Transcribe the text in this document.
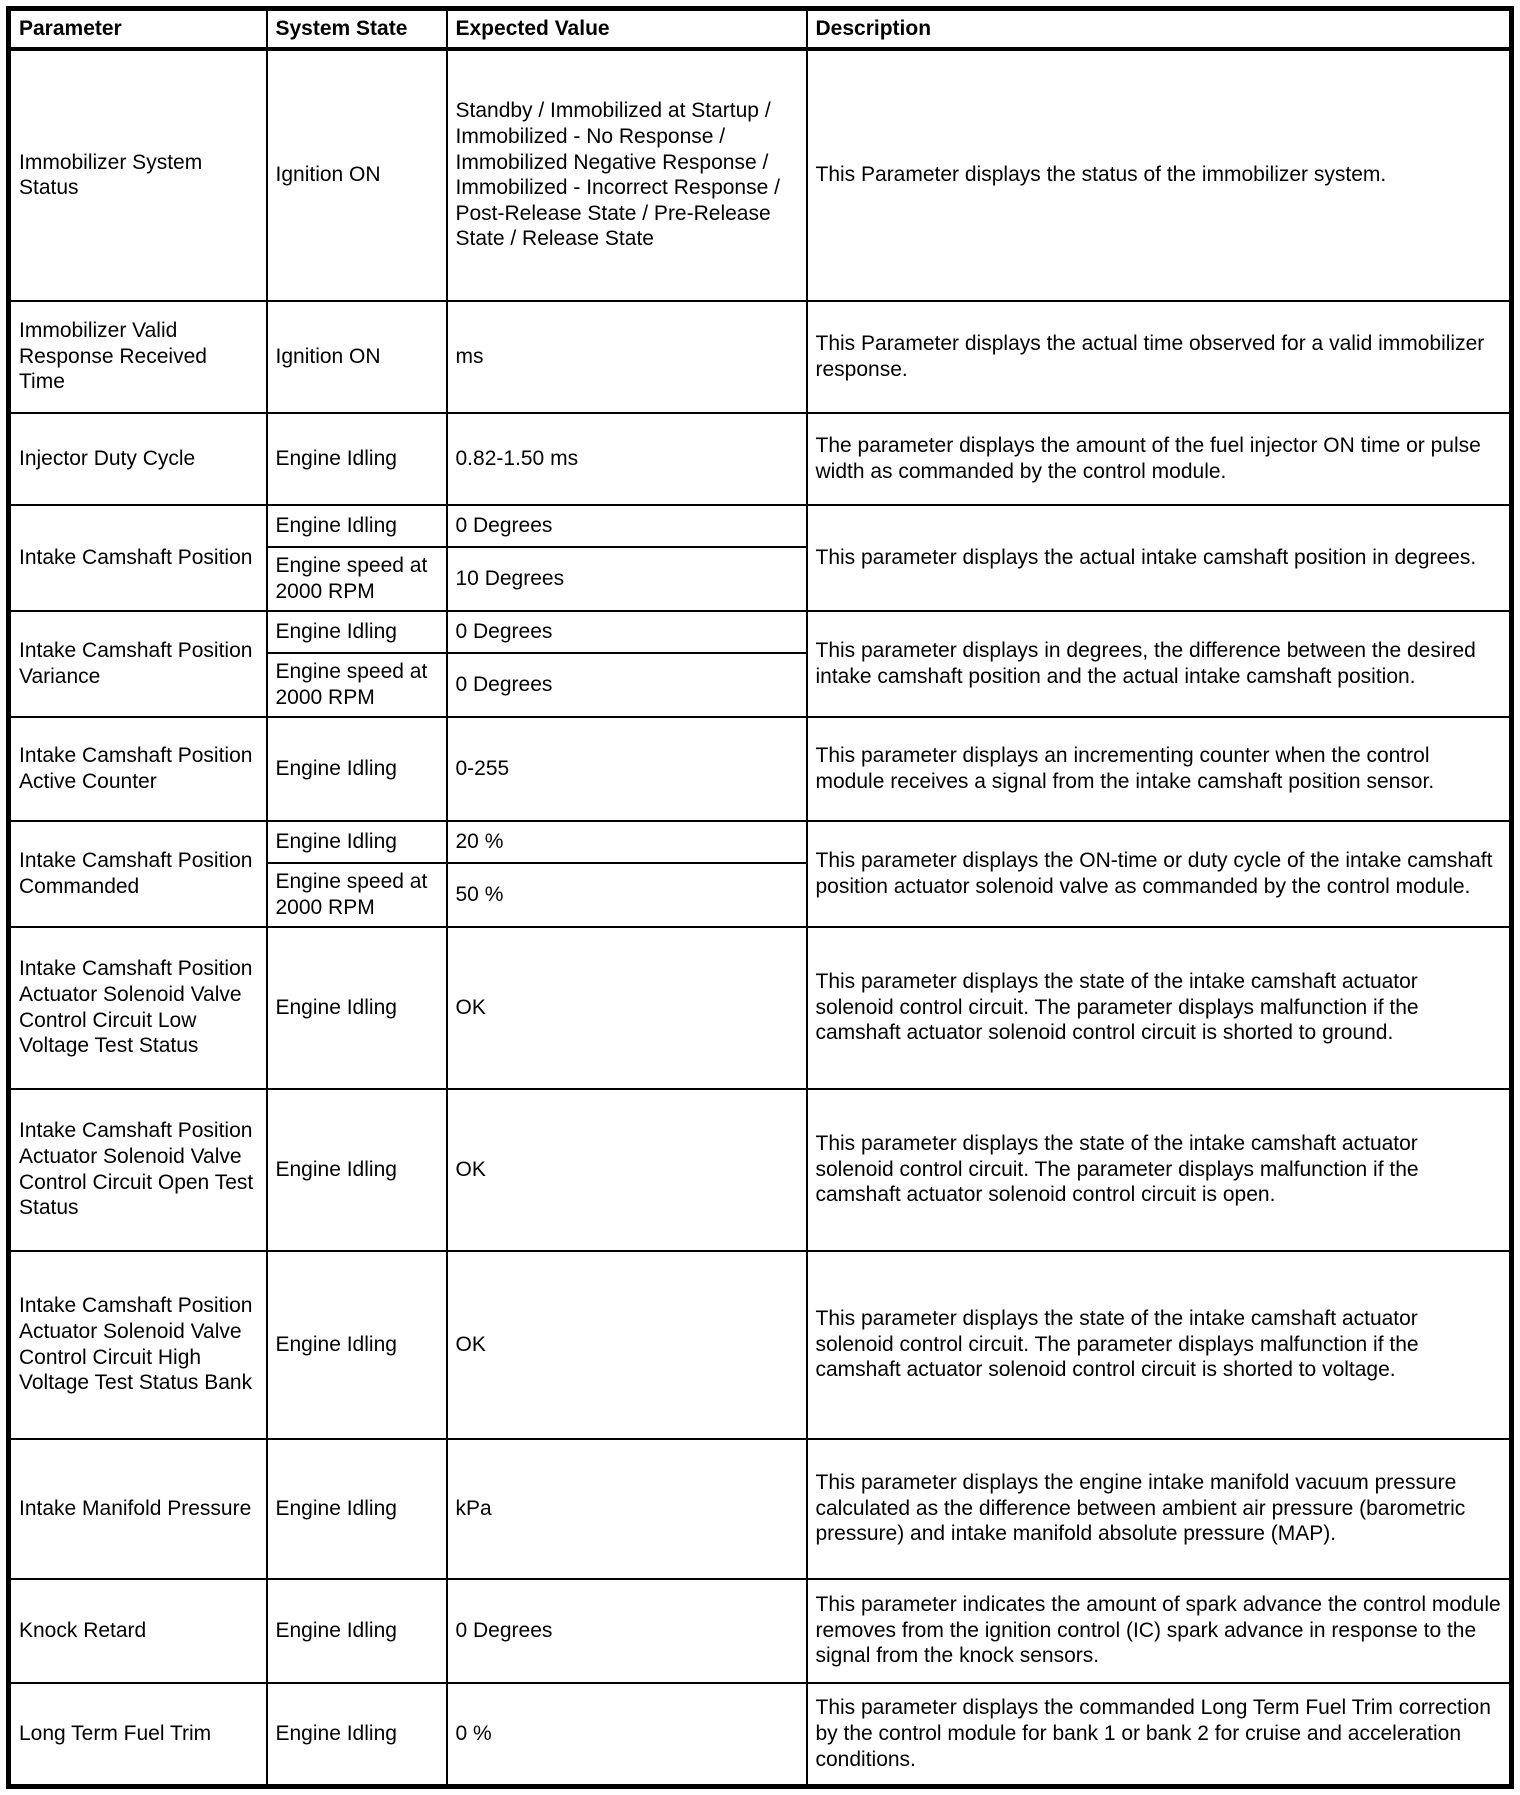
Parameter	System State	Expected Value	Description
Immobilizer System Status	Ignition ON	Standby / Immobilized at Startup / Immobilized - No Response / Immobilized Negative Response / Immobilized - Incorrect Response / Post-Release State / Pre-Release State / Release State	This Parameter displays the status of the immobilizer system.
Immobilizer Valid Response Received Time	Ignition ON	ms	This Parameter displays the actual time observed for a valid immobilizer response.
Injector Duty Cycle	Engine Idling	0.82-1.50 ms	The parameter displays the amount of the fuel injector ON time or pulse width as commanded by the control module.
Intake Camshaft Position	Engine Idling	0 Degrees	This parameter displays the actual intake camshaft position in degrees.
	Engine speed at 2000 RPM	10 Degrees	
Intake Camshaft Position Variance	Engine Idling	0 Degrees	This parameter displays in degrees, the difference between the desired intake camshaft position and the actual intake camshaft position.
	Engine speed at 2000 RPM	0 Degrees	
Intake Camshaft Position Active Counter	Engine Idling	0-255	This parameter displays an incrementing counter when the control module receives a signal from the intake camshaft position sensor.
Intake Camshaft Position Commanded	Engine Idling	20 %	This parameter displays the ON-time or duty cycle of the intake camshaft position actuator solenoid valve as commanded by the control module.
	Engine speed at 2000 RPM	50 %	
Intake Camshaft Position Actuator Solenoid Valve Control Circuit Low Voltage Test Status	Engine Idling	OK	This parameter displays the state of the intake camshaft actuator solenoid control circuit. The parameter displays malfunction if the camshaft actuator solenoid control circuit is shorted to ground.
Intake Camshaft Position Actuator Solenoid Valve Control Circuit Open Test Status	Engine Idling	OK	This parameter displays the state of the intake camshaft actuator solenoid control circuit. The parameter displays malfunction if the camshaft actuator solenoid control circuit is open.
Intake Camshaft Position Actuator Solenoid Valve Control Circuit High Voltage Test Status Bank	Engine Idling	OK	This parameter displays the state of the intake camshaft actuator solenoid control circuit. The parameter displays malfunction if the camshaft actuator solenoid control circuit is shorted to voltage.
Intake Manifold Pressure	Engine Idling	kPa	This parameter displays the engine intake manifold vacuum pressure calculated as the difference between ambient air pressure (barometric pressure) and intake manifold absolute pressure (MAP).
Knock Retard	Engine Idling	0 Degrees	This parameter indicates the amount of spark advance the control module removes from the ignition control (IC) spark advance in response to the signal from the knock sensors.
Long Term Fuel Trim	Engine Idling	0 %	This parameter displays the commanded Long Term Fuel Trim correction by the control module for bank 1 or bank 2 for cruise and acceleration conditions.
